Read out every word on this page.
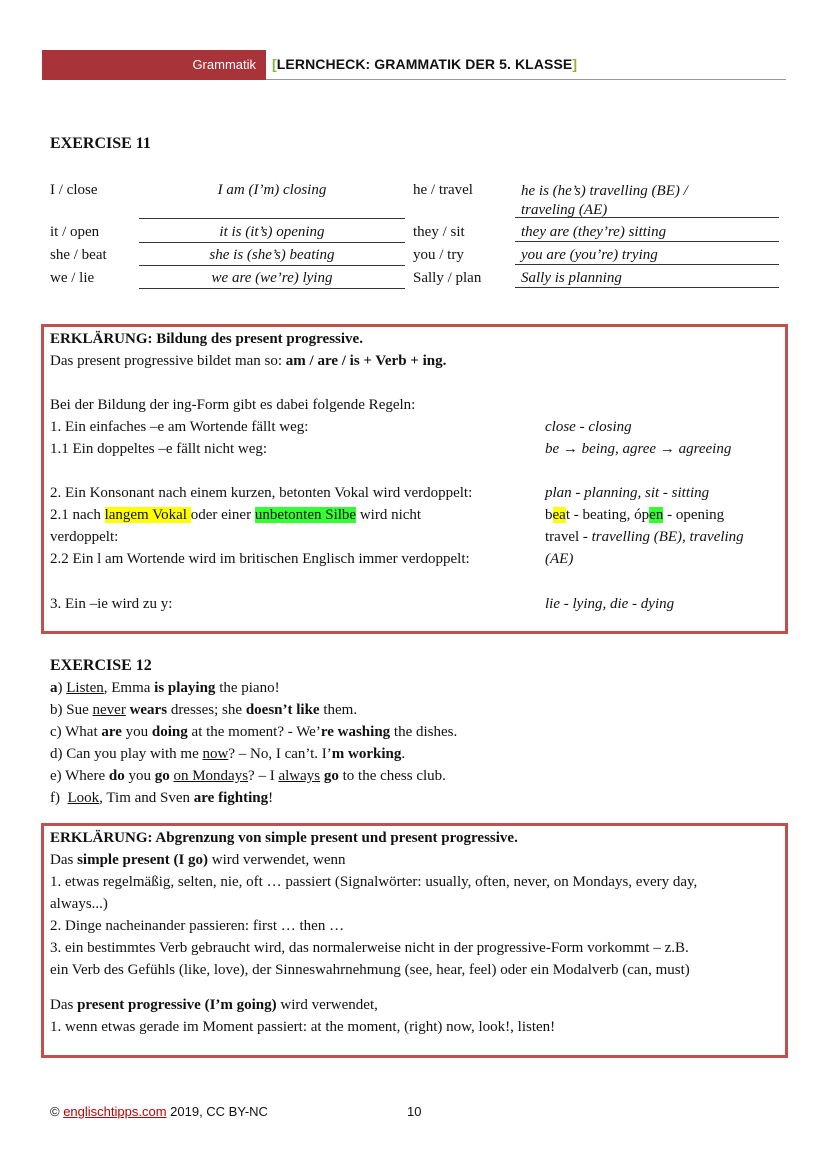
Grammatik [LERNCHECK: GRAMMATIK DER 5. KLASSE]
EXERCISE 11
I / close	I am (I’m) closing	he / travel	he is (he’s) travelling (BE) /
traveling (AE)
it / open	it is (it’s) opening	they / sit	they are (they’re) sitting
she / beat	she is (she’s) beating	you / try	you are (you’re) trying
we / lie	we are (we’re) lying	Sally / plan	Sally is planning
ERKLÄRUNG: Bildung des present progressive.
Das present progressive bildet man so: am / are / is + Verb + ing.
Bei der Bildung der ing-Form gibt es dabei folgende Regeln:
1. Ein einfaches –e am Wortende fällt weg:	close - closing
1.1 Ein doppeltes –e fällt nicht weg:	be → being, agree → agreeing
2. Ein Konsonant nach einem kurzen, betonten Vokal wird verdoppelt:	plan - planning, sit - sitting
2.1 nach langem Vokal oder einer unbetonten Silbe wird nicht	beat - beating, ópen - opening
verdoppelt:	travel - travelling (BE), traveling
2.2 Ein l am Wortende wird im britischen Englisch immer verdoppelt:	(AE)
3. Ein –ie wird zu y:	lie - lying, die - dying
EXERCISE 12
a) Listen, Emma is playing the piano!
b) Sue never wears dresses; she doesn’t like them.
c) What are you doing at the moment? - We’re washing the dishes.
d) Can you play with me now? – No, I can’t. I’m working.
e) Where do you go on Mondays? – I always go to the chess club.
f)  Look, Tim and Sven are fighting!
ERKLÄRUNG: Abgrenzung von simple present und present progressive.
Das simple present (I go) wird verwendet, wenn
1. etwas regelmäßig, selten, nie, oft … passiert (Signalwörter: usually, often, never, on Mondays, every day,
always...)
2. Dinge nacheinander passieren: first … then …
3. ein bestimmtes Verb gebraucht wird, das normalerweise nicht in der progressive-Form vorkommt – z.B.
ein Verb des Gefühls (like, love), der Sinneswahrnehmung (see, hear, feel) oder ein Modalverb (can, must)
Das present progressive (I’m going) wird verwendet,
1. wenn etwas gerade im Moment passiert: at the moment, (right) now, look!, listen!
© englischtipps.com 2019, CC BY-NC	10
